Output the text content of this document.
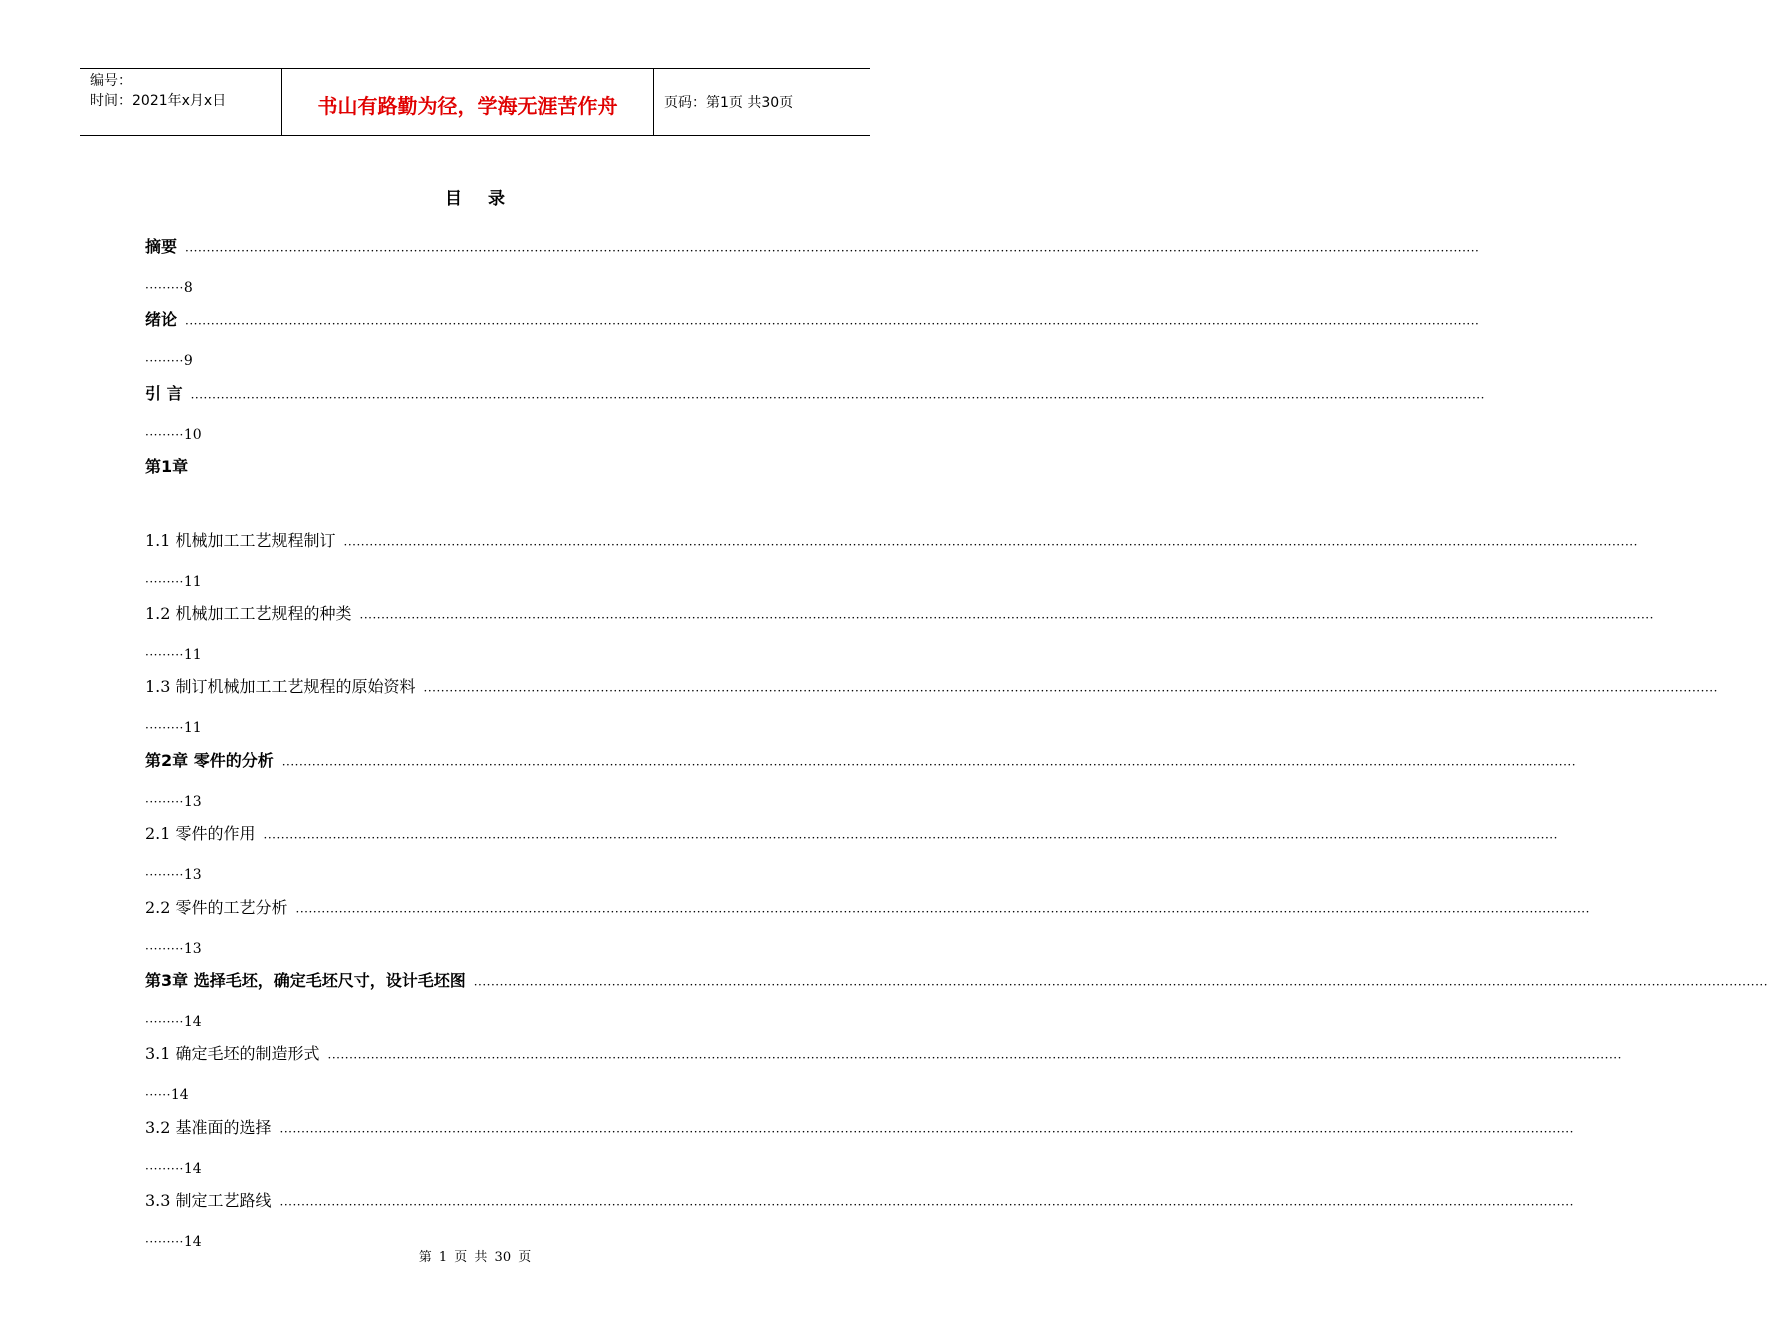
编号：
时间：2021年x月x日	书山有路勤为径，学海无涯苦作舟	页码：第1页 共30页
目录
摘要 ············································································································································································································································································································
·········8
绪论 ············································································································································································································································································································
·········9
引 言 ············································································································································································································································································································
·········10
第1章
1.1 机械加工工艺规程制订 ············································································································································································································································································································
·········11
1.2 机械加工工艺规程的种类 ············································································································································································································································································································
·········11
1.3 制订机械加工工艺规程的原始资料 ············································································································································································································································································································
·········11
第2章 零件的分析 ············································································································································································································································································································
·········13
2.1 零件的作用 ············································································································································································································································································································
·········13
2.2 零件的工艺分析 ············································································································································································································································································································
·········13
第3章 选择毛坯，确定毛坯尺寸，设计毛坯图 ············································································································································································································································································································
·········14
3.1 确定毛坯的制造形式 ············································································································································································································································································································
······14
3.2 基准面的选择 ············································································································································································································································································································
·········14
3.3 制定工艺路线 ············································································································································································································································································································
·········14
第 1 页 共 30 页
